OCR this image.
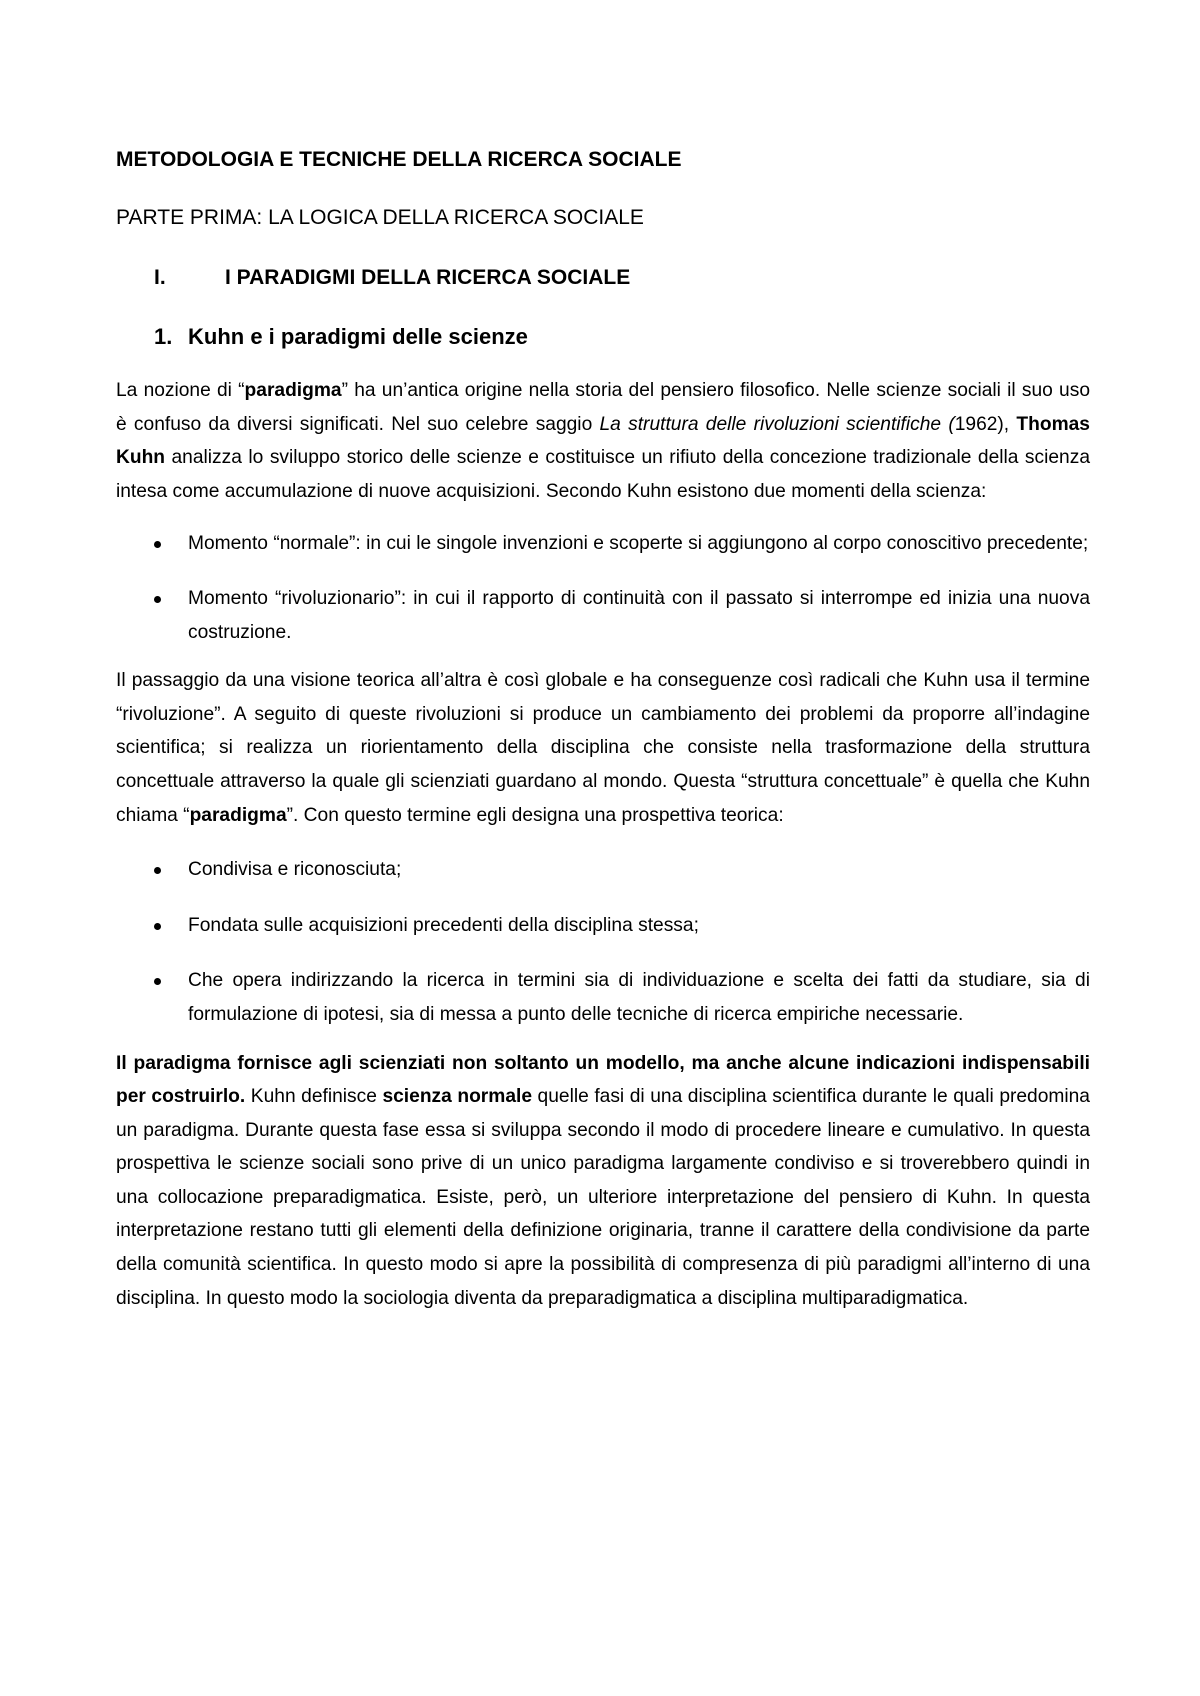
METODOLOGIA E TECNICHE DELLA RICERCA SOCIALE
PARTE PRIMA: LA LOGICA DELLA RICERCA SOCIALE
I.	I PARADIGMI DELLA RICERCA SOCIALE
1. Kuhn e i paradigmi delle scienze

La nozione di “paradigma” ha un’antica origine nella storia del pensiero filosofico. Nelle scienze sociali il suo uso è confuso da diversi significati. Nel suo celebre saggio La struttura delle rivoluzioni scientifiche (1962), Thomas Kuhn analizza lo sviluppo storico delle scienze e costituisce un rifiuto della concezione tradizionale della scienza intesa come accumulazione di nuove acquisizioni. Secondo Kuhn esistono due momenti della scienza:

Momento “normale”: in cui le singole invenzioni e scoperte si aggiungono al corpo conoscitivo precedente;
Momento “rivoluzionario”: in cui il rapporto di continuità con il passato si interrompe ed inizia una nuova costruzione.

Il passaggio da una visione teorica all’altra è così globale e ha conseguenze così radicali che Kuhn usa il termine “rivoluzione”. A seguito di queste rivoluzioni si produce un cambiamento dei problemi da proporre all’indagine scientifica; si realizza un riorientamento della disciplina che consiste nella trasformazione della struttura concettuale attraverso la quale gli scienziati guardano al mondo. Questa “struttura concettuale” è quella che Kuhn chiama “paradigma”. Con questo termine egli designa una prospettiva teorica:

Condivisa e riconosciuta;
Fondata sulle acquisizioni precedenti della disciplina stessa;
Che opera indirizzando la ricerca in termini sia di individuazione e scelta dei fatti da studiare, sia di formulazione di ipotesi, sia di messa a punto delle tecniche di ricerca empiriche necessarie.

Il paradigma fornisce agli scienziati non soltanto un modello, ma anche alcune indicazioni indispensabili per costruirlo. Kuhn definisce scienza normale quelle fasi di una disciplina scientifica durante le quali predomina un paradigma. Durante questa fase essa si sviluppa secondo il modo di procedere lineare e cumulativo. In questa prospettiva le scienze sociali sono prive di un unico paradigma largamente condiviso e si troverebbero quindi in una collocazione preparadigmatica. Esiste, però, un ulteriore interpretazione del pensiero di Kuhn. In questa interpretazione restano tutti gli elementi della definizione originaria, tranne il carattere della condivisione da parte della comunità scientifica. In questo modo si apre la possibilità di compresenza di più paradigmi all’interno di una disciplina. In questo modo la sociologia diventa da preparadigmatica a disciplina multiparadigmatica.
